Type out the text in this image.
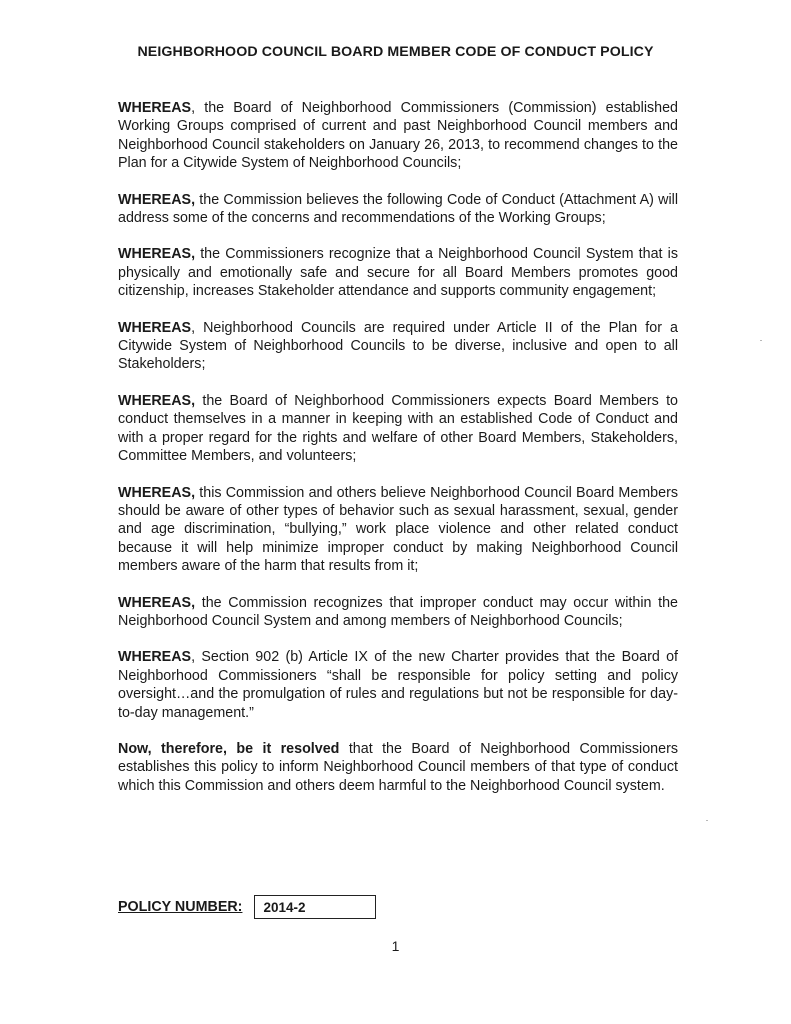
NEIGHBORHOOD COUNCIL BOARD MEMBER CODE OF CONDUCT POLICY

WHEREAS, the Board of Neighborhood Commissioners (Commission) established Working Groups comprised of current and past Neighborhood Council members and Neighborhood Council stakeholders on January 26, 2013, to recommend changes to the Plan for a Citywide System of Neighborhood Councils;

WHEREAS, the Commission believes the following Code of Conduct (Attachment A) will address some of the concerns and recommendations of the Working Groups;

WHEREAS, the Commissioners recognize that a Neighborhood Council System that is physically and emotionally safe and secure for all Board Members promotes good citizenship, increases Stakeholder attendance and supports community engagement;

WHEREAS, Neighborhood Councils are required under Article II of the Plan for a Citywide System of Neighborhood Councils to be diverse, inclusive and open to all Stakeholders;

WHEREAS, the Board of Neighborhood Commissioners expects Board Members to conduct themselves in a manner in keeping with an established Code of Conduct and with a proper regard for the rights and welfare of other Board Members, Stakeholders, Committee Members, and volunteers;

WHEREAS, this Commission and others believe Neighborhood Council Board Members should be aware of other types of behavior such as sexual harassment, sexual, gender and age discrimination, “bullying,” work place violence and other related conduct because it will help minimize improper conduct by making Neighborhood Council members aware of the harm that results from it;

WHEREAS, the Commission recognizes that improper conduct may occur within the Neighborhood Council System and among members of Neighborhood Councils;

WHEREAS, Section 902 (b) Article IX of the new Charter provides that the Board of Neighborhood Commissioners “shall be responsible for policy setting and policy oversight…and the promulgation of rules and regulations but not be responsible for day-to-day management.”

Now, therefore, be it resolved that the Board of Neighborhood Commissioners establishes this policy to inform Neighborhood Council members of that type of conduct which this Commission and others deem harmful to the Neighborhood Council system.

POLICY NUMBER: 2014-2
1
